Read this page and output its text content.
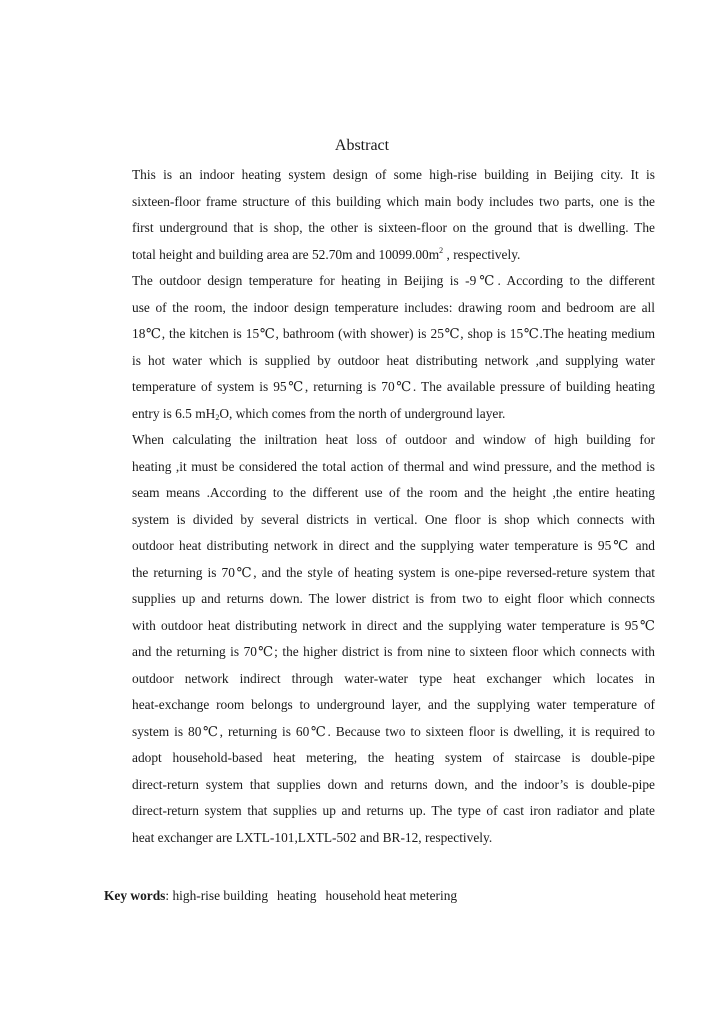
Abstract
This is an indoor heating system design of some high-rise building in Beijing city. It is
sixteen-floor frame structure of this building which main body includes two parts, one is the
first underground that is shop, the other is sixteen-floor on the ground that is dwelling. The
total height and building area are 52.70m and $10099.00m^2$ , respectively.
The outdoor design temperature for heating in Beijing is -9℃. According to the different
use of the room, the indoor design temperature includes: drawing room and bedroom are all
18℃, the kitchen is 15℃, bathroom (with shower) is 25℃, shop is 15℃.The heating medium
is hot water which is supplied by outdoor heat distributing network ,and supplying water
temperature of system is 95℃, returning is 70℃. The available pressure of building heating
entry is 6.5 $mH_2O$, which comes from the north of underground layer.
When calculating the iniltration heat loss of outdoor and window of high building for
heating ,it must be considered the total action of thermal and wind pressure, and the method is
seam means .According to the different use of the room and the height ,the entire heating
system is divided by several districts in vertical. One floor is shop which connects with
outdoor heat distributing network in direct and the supplying water temperature is 95℃ and
the returning is 70℃, and the style of heating system is one-pipe reversed-reture system that
supplies up and returns down. The lower district is from two to eight floor which connects
with outdoor heat distributing network in direct and the supplying water temperature is 95℃
and the returning is 70℃; the higher district is from nine to sixteen floor which connects with
outdoor network indirect through water-water type heat exchanger which locates in
heat-exchange room belongs to underground layer, and the supplying water temperature of
system is 80℃, returning is 60℃. Because two to sixteen floor is dwelling, it is required to
adopt household-based heat metering, the heating system of staircase is double-pipe
direct-return system that supplies down and returns down, and the indoor’s is double-pipe
direct-return system that supplies up and returns up. The type of cast iron radiator and plate
heat exchanger are LXTL-101,LXTL-502 and BR-12, respectively.
Key words: high-rise building heating household heat metering
